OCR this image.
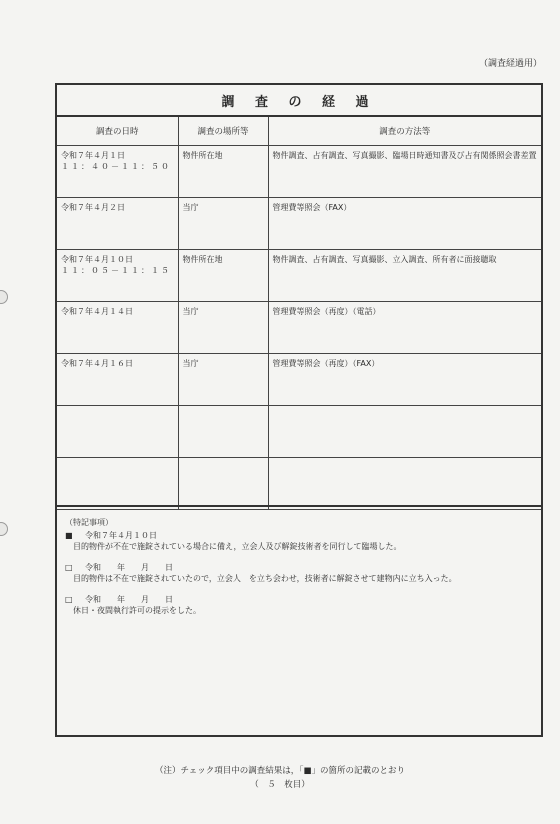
（調査経過用）
調 査 の 経 過
調査の日時	調査の場所等	調査の方法等

令和７年４月１日
１１：４０－１１：５０	物件所在地	物件調査、占有調査、写真撮影、臨場日時通知書及び占有関係照会書差置

令和７年４月２日	当庁	管理費等照会（FAX）

令和７年４月１０日
１１：０５－１１：１５	物件所在地	物件調査、占有調査、写真撮影、立入調査、所有者に面接聴取

令和７年４月１４日	当庁	管理費等照会（再度）（電話）

令和７年４月１６日	当庁	管理費等照会（再度）（FAX）

（特記事項）
■	令和７年４月１０日
目的物件が不在で施錠されている場合に備え，立会人及び解錠技術者を同行して臨場した。
□	令和　　年　　月　　日
目的物件は不在で施錠されていたので，立会人　を立ち会わせ，技術者に解錠させて建物内に立ち入った。
□	令和　　年　　月　　日
休日・夜間執行許可の提示をした。
（注）チェック項目中の調査結果は，「■」の箇所の記載のとおり
（　５　枚目）
